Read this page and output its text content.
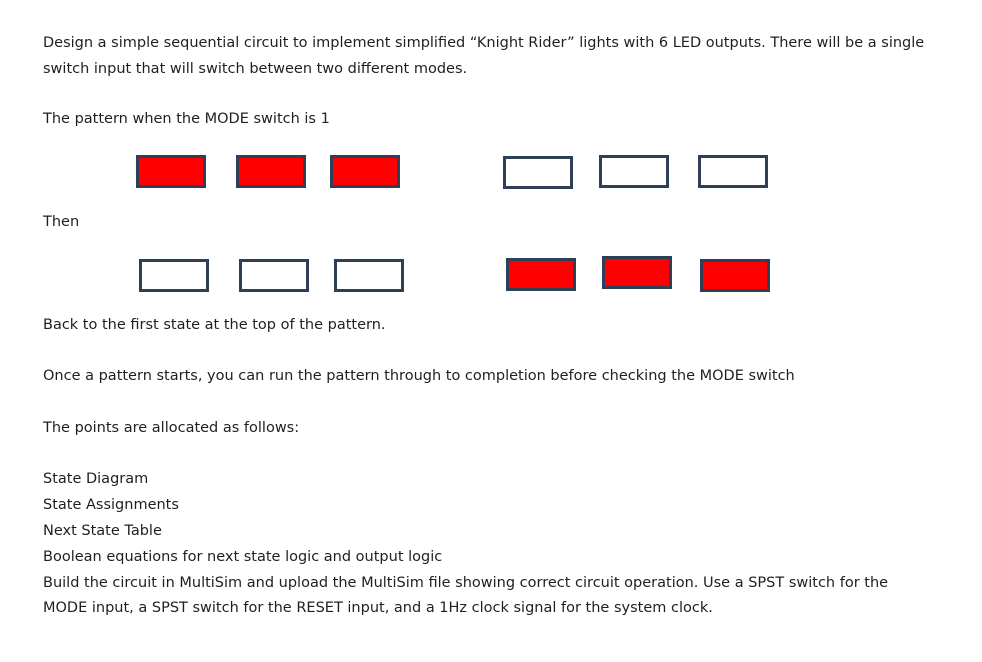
Design a simple sequential circuit to implement simplified “Knight Rider” lights with 6 LED outputs. There will be a single
switch input that will switch between two different modes.
The pattern when the MODE switch is 1
Then
Back to the first state at the top of the pattern.
Once a pattern starts, you can run the pattern through to completion before checking the MODE switch
The points are allocated as follows:
State Diagram
State Assignments
Next State Table
Boolean equations for next state logic and output logic
Build the circuit in MultiSim and upload the MultiSim file showing correct circuit operation. Use a SPST switch for the
MODE input, a SPST switch for the RESET input, and a 1Hz clock signal for the system clock.
